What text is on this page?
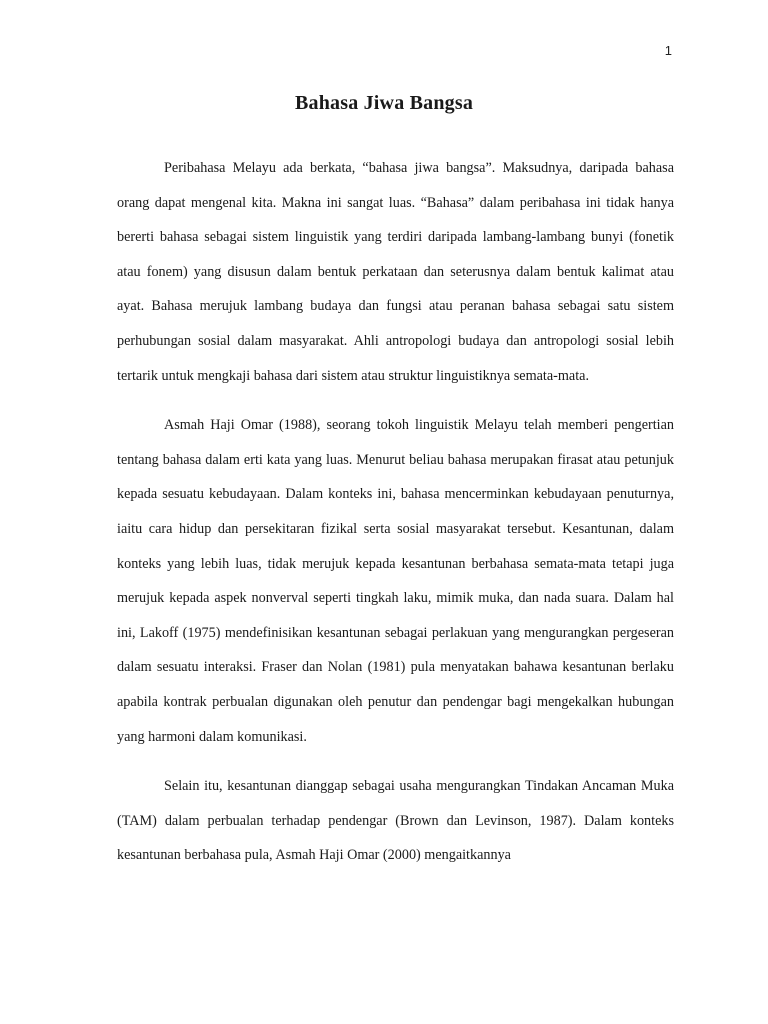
1
Bahasa Jiwa Bangsa

Peribahasa Melayu ada berkata, “bahasa jiwa bangsa”. Maksudnya, daripada bahasa orang dapat mengenal kita. Makna ini sangat luas. “Bahasa” dalam peribahasa ini tidak hanya bererti bahasa sebagai sistem linguistik yang terdiri daripada lambang-lambang bunyi (fonetik atau fonem) yang disusun dalam bentuk perkataan dan seterusnya dalam bentuk kalimat atau ayat. Bahasa merujuk lambang budaya dan fungsi atau peranan bahasa sebagai satu sistem perhubungan sosial dalam masyarakat. Ahli antropologi budaya dan antropologi sosial lebih tertarik untuk mengkaji bahasa dari sistem atau struktur linguistiknya semata-mata.

Asmah Haji Omar (1988), seorang tokoh linguistik Melayu telah memberi pengertian tentang bahasa dalam erti kata yang luas. Menurut beliau bahasa merupakan firasat atau petunjuk kepada sesuatu kebudayaan. Dalam konteks ini, bahasa mencerminkan kebudayaan penuturnya, iaitu cara hidup dan persekitaran fizikal serta sosial masyarakat tersebut. Kesantunan, dalam konteks yang lebih luas, tidak merujuk kepada kesantunan berbahasa semata-mata tetapi juga merujuk kepada aspek nonverval seperti tingkah laku, mimik muka, dan nada suara. Dalam hal ini, Lakoff (1975) mendefinisikan kesantunan sebagai perlakuan yang mengurangkan pergeseran dalam sesuatu interaksi. Fraser dan Nolan (1981) pula menyatakan bahawa kesantunan berlaku apabila kontrak perbualan digunakan oleh penutur dan pendengar bagi mengekalkan hubungan yang harmoni dalam komunikasi.

Selain itu, kesantunan dianggap sebagai usaha mengurangkan Tindakan Ancaman Muka (TAM) dalam perbualan terhadap pendengar (Brown dan Levinson, 1987). Dalam konteks kesantunan berbahasa pula, Asmah Haji Omar (2000) mengaitkannya
